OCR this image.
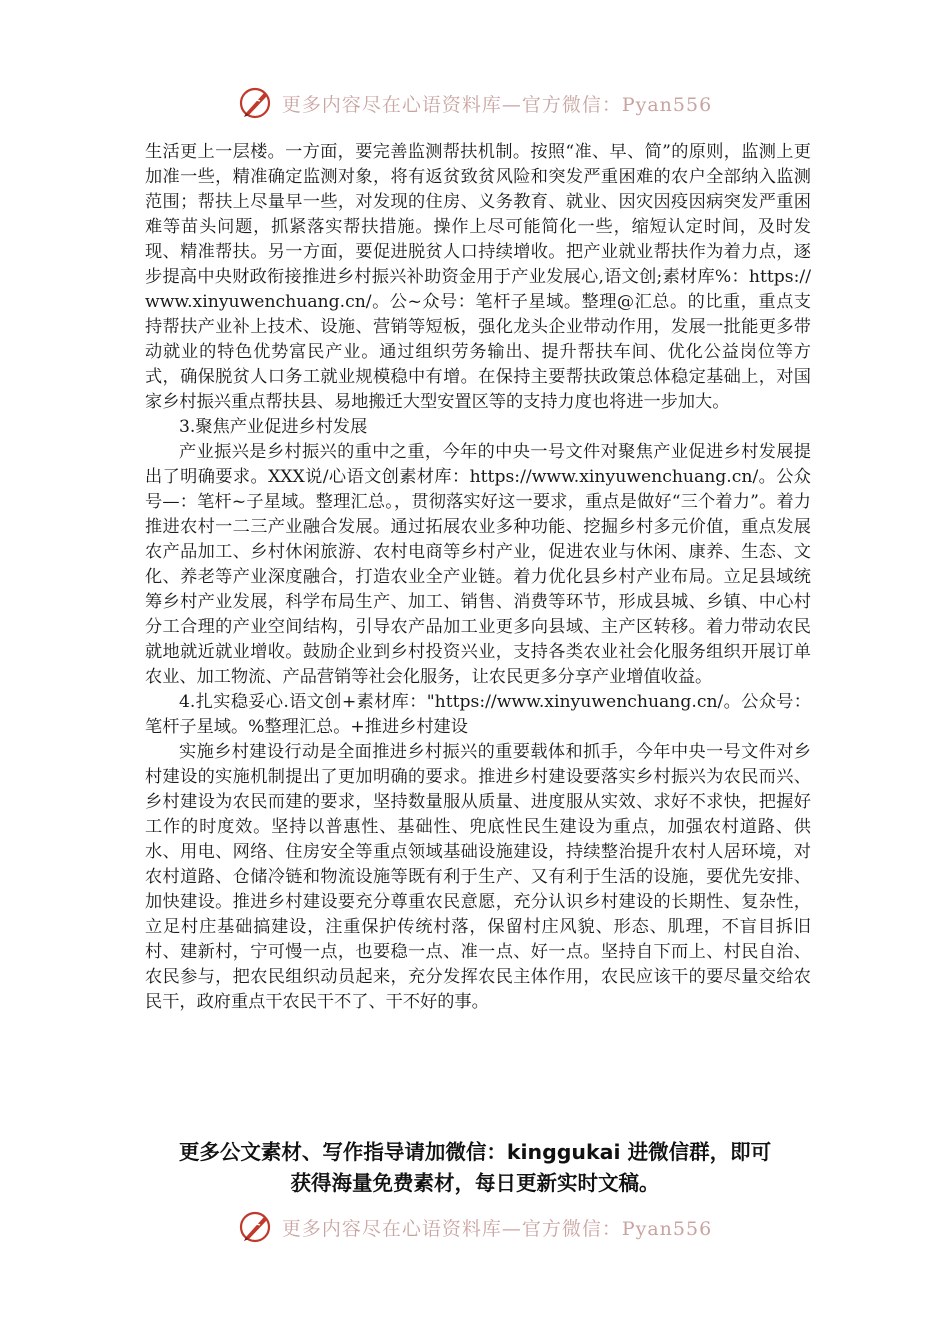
更多内容尽在心语资料库—官方微信：Pyan556

生活更上一层楼。一方面，要完善监测帮扶机制。按照“准、早、简”的原则，监测上更加准一些，精准确定监测对象，将有返贫致贫风险和突发严重困难的农户全部纳入监测范围；帮扶上尽量早一些，对发现的住房、义务教育、就业、因灾因疫因病突发严重困难等苗头问题，抓紧落实帮扶措施。操作上尽可能简化一些，缩短认定时间，及时发现、精准帮扶。另一方面，要促进脱贫人口持续增收。把产业就业帮扶作为着力点，逐步提高中央财政衔接推进乡村振兴补助资金用于产业发展心,语文创;素材库%：https://www.xinyuwenchuang.cn/。公~众号：笔杆子星域。整理@汇总。的比重，重点支持帮扶产业补上技术、设施、营销等短板，强化龙头企业带动作用，发展一批能更多带动就业的特色优势富民产业。通过组织劳务输出、提升帮扶车间、优化公益岗位等方式，确保脱贫人口务工就业规模稳中有增。在保持主要帮扶政策总体稳定基础上，对国家乡村振兴重点帮扶县、易地搬迁大型安置区等的支持力度也将进一步加大。

3.聚焦产业促进乡村发展

产业振兴是乡村振兴的重中之重，今年的中央一号文件对聚焦产业促进乡村发展提出了明确要求。XXX说/心语文创素材库：https://www.xinyuwenchuang.cn/。公众号—：笔杆~子星域。整理汇总。，贯彻落实好这一要求，重点是做好“三个着力”。着力推进农村一二三产业融合发展。通过拓展农业多种功能、挖掘乡村多元价值，重点发展农产品加工、乡村休闲旅游、农村电商等乡村产业，促进农业与休闲、康养、生态、文化、养老等产业深度融合，打造农业全产业链。着力优化县乡村产业布局。立足县域统筹乡村产业发展，科学布局生产、加工、销售、消费等环节，形成县城、乡镇、中心村分工合理的产业空间结构，引导农产品加工业更多向县域、主产区转移。着力带动农民就地就近就业增收。鼓励企业到乡村投资兴业，支持各类农业社会化服务组织开展订单农业、加工物流、产品营销等社会化服务，让农民更多分享产业增值收益。

4.扎实稳妥心.语文创+素材库："https://www.xinyuwenchuang.cn/。公众号：笔杆子星域。%整理汇总。+推进乡村建设

实施乡村建设行动是全面推进乡村振兴的重要载体和抓手，今年中央一号文件对乡村建设的实施机制提出了更加明确的要求。推进乡村建设要落实乡村振兴为农民而兴、乡村建设为农民而建的要求，坚持数量服从质量、进度服从实效、求好不求快，把握好工作的时度效。坚持以普惠性、基础性、兜底性民生建设为重点，加强农村道路、供水、用电、网络、住房安全等重点领域基础设施建设，持续整治提升农村人居环境，对农村道路、仓储冷链和物流设施等既有利于生产、又有利于生活的设施，要优先安排、加快建设。推进乡村建设要充分尊重农民意愿，充分认识乡村建设的长期性、复杂性，立足村庄基础搞建设，注重保护传统村落，保留村庄风貌、形态、肌理，不盲目拆旧村、建新村，宁可慢一点，也要稳一点、准一点、好一点。坚持自下而上、村民自治、农民参与，把农民组织动员起来，充分发挥农民主体作用，农民应该干的要尽量交给农民干，政府重点干农民干不了、干不好的事。

更多公文素材、写作指导请加微信：kinggukai 进微信群，即可
获得海量免费素材，每日更新实时文稿。
更多内容尽在心语资料库—官方微信：Pyan556
